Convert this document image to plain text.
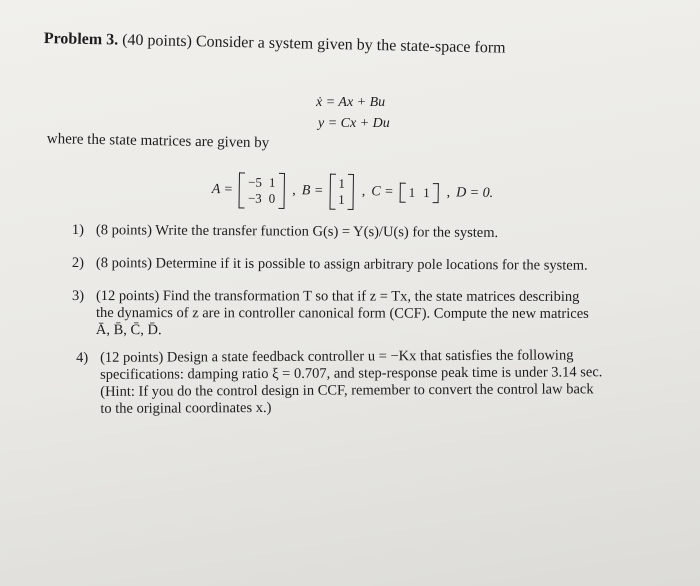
Problem 3. (40 points) Consider a system given by the state-space form
ẋ = Ax + Bu
y = Cx + Du
where the state matrices are given by
A = −5 1
−3 0
, B = 1
1
, C = 1 1 , D = 0.
1) (8 points) Write the transfer function G(s) = Y(s)/U(s) for the system.
2) (8 points) Determine if it is possible to assign arbitrary pole locations for the system.
3) (12 points) Find the transformation T so that if z = Tx, the state matrices describing
the dynamics of z are in controller canonical form (CCF). Compute the new matrices
Ā, B̄, C̄, D̄.
4) (12 points) Design a state feedback controller u = −Kx that satisfies the following
specifications: damping ratio ξ = 0.707, and step-response peak time is under 3.14 sec.
(Hint: If you do the control design in CCF, remember to convert the control law back
to the original coordinates x.)
